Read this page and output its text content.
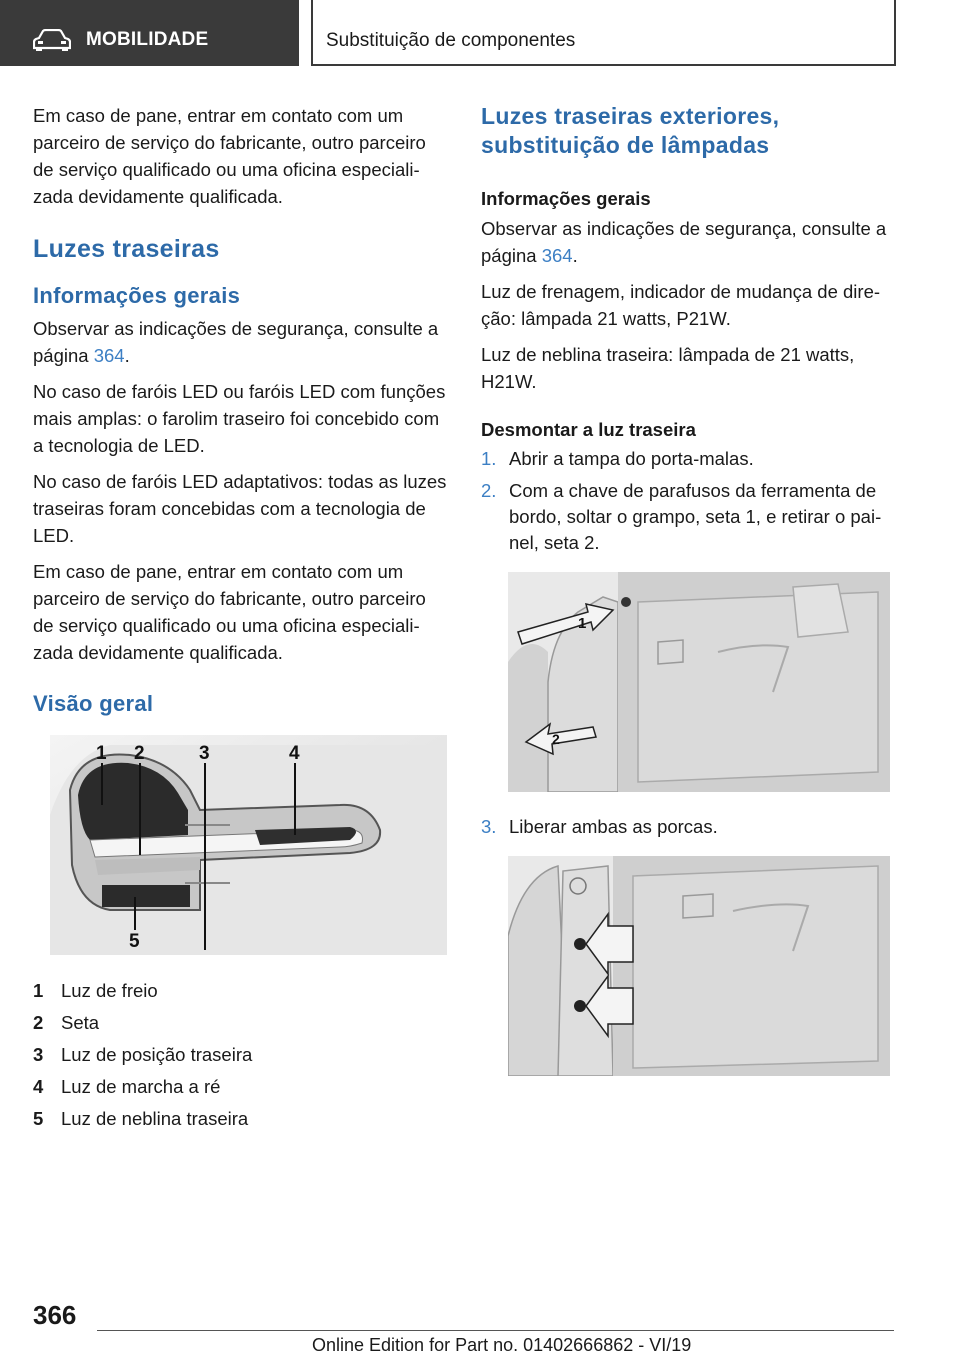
MOBILIDADE	Substituição de componentes

Em caso de pane, entrar em contato com um parceiro de serviço do fabricante, outro parceiro de serviço qualificado ou uma oficina especializada devidamente qualificada.

Luzes traseiras
Informações gerais

Observar as indicações de segurança, consulte a página 364.

No caso de faróis LED ou faróis LED com funções mais amplas: o farolim traseiro foi concebido com a tecnologia de LED.

No caso de faróis LED adaptativos: todas as luzes traseiras foram concebidas com a tecnologia de LED.

Em caso de pane, entrar em contato com um parceiro de serviço do fabricante, outro parceiro de serviço qualificado ou uma oficina especializada devidamente qualificada.

Visão geral
1 2	3	4
5
1 Luz de freio
2 Seta
3 Luz de posição traseira
4 Luz de marcha a ré
5 Luz de neblina traseira
Luzes traseiras exteriores, substituição de lâmpadas
Informações gerais

Observar as indicações de segurança, consulte a página 364.

Luz de frenagem, indicador de mudança de direção: lâmpada 21 watts, P21W.

Luz de neblina traseira: lâmpada de 21 watts, H21W.

Desmontar a luz traseira
1. Abrir a tampa do porta-malas.
2. Com a chave de parafusos da ferramenta de bordo, soltar o grampo, seta 1, e retirar o painel, seta 2.
1
2
3. Liberar ambas as porcas.
366
Online Edition for Part no. 01402666862 - VI/19
